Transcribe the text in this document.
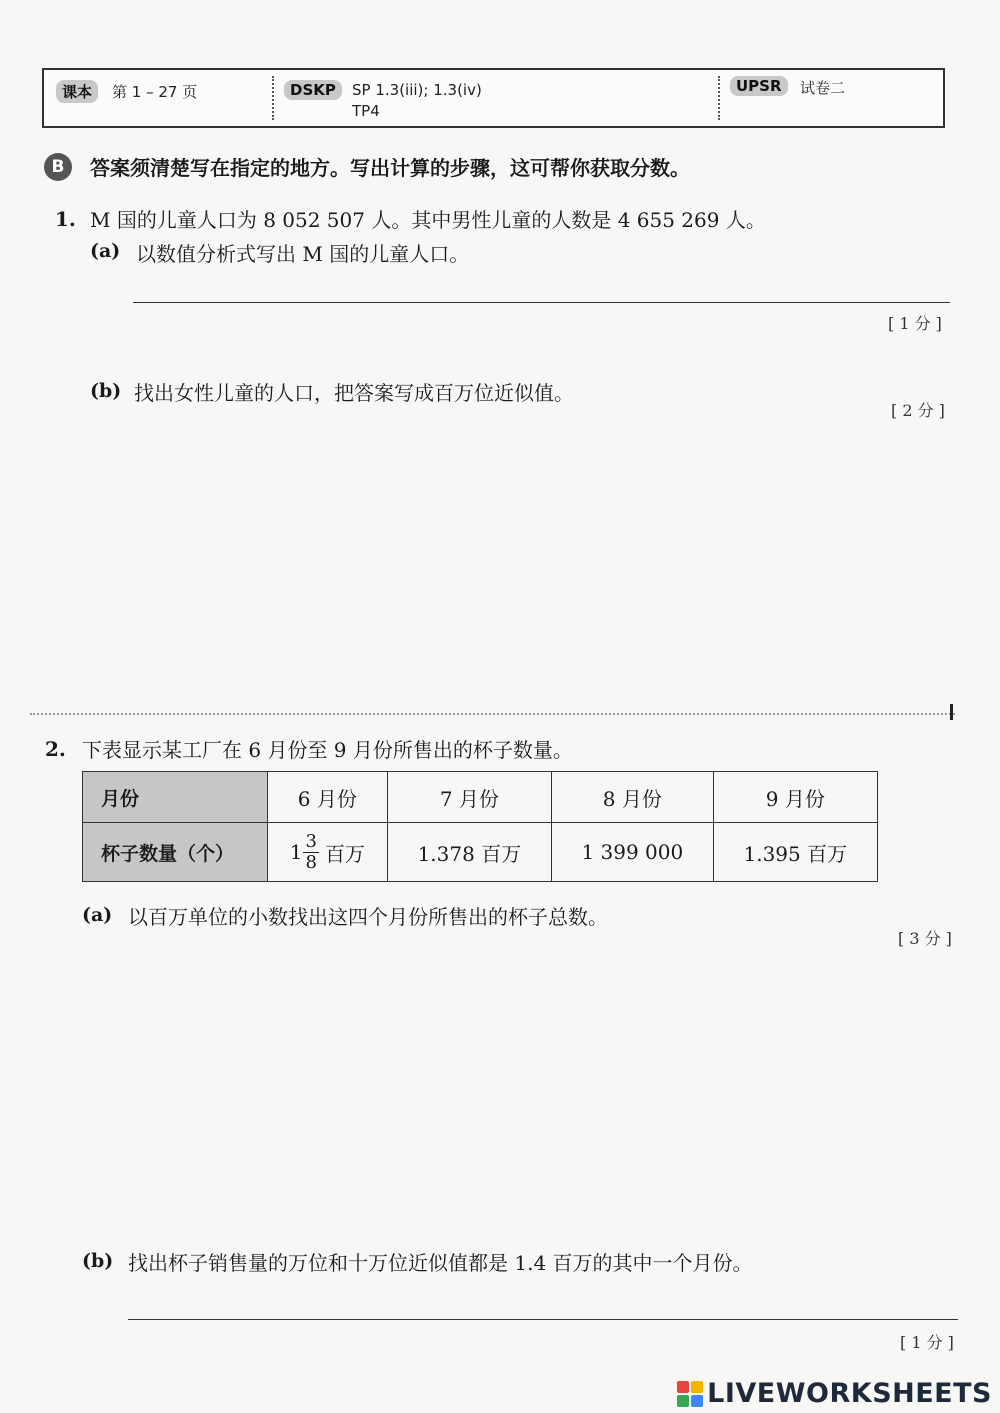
课本	第 1 – 27 页	DSKP	SP 1.3(iii); 1.3(iv)
TP4
UPSR	试卷二
B	答案须清楚写在指定的地方。写出计算的步骤，这可帮你获取分数。
1. M 国的儿童人口为 8 052 507 人。其中男性儿童的人数是 4 655 269 人。
(a) 以数值分析式写出 M 国的儿童人口。
[ 1 分 ]
(b) 找出女性儿童的人口，把答案写成百万位近似值。
[ 2 分 ]
2. 下表显示某工厂在 6 月份至 9 月份所售出的杯子数量。
月份	6 月份	7 月份	8 月份	9 月份
杯子数量（个）	$1 \frac{3}{8}$ 百万	1.378 百万	1 399 000	1.395 百万
(a) 以百万单位的小数找出这四个月份所售出的杯子总数。
[ 3 分 ]
(b) 找出杯子销售量的万位和十万位近似值都是 1.4 百万的其中一个月份。
[ 1 分 ]
LIVEWORKSHEETS
